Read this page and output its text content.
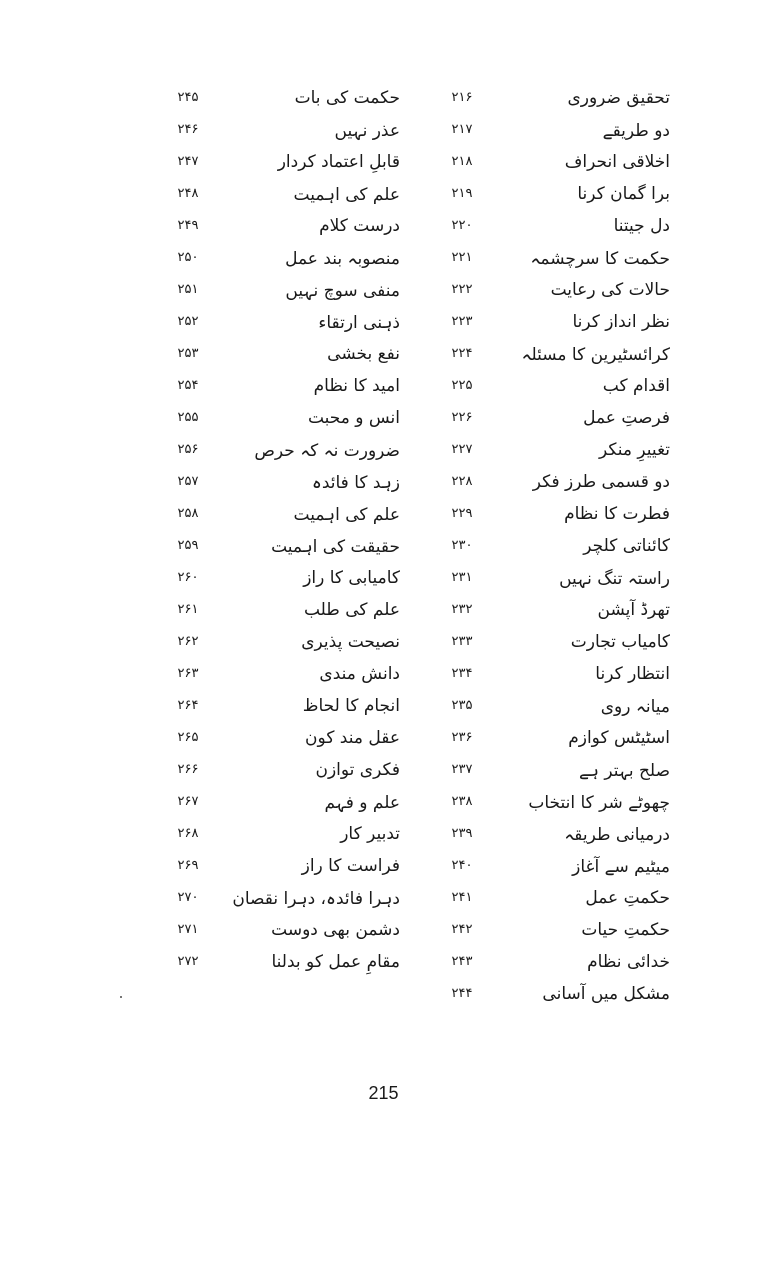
تحقیق ضروری
۲۱۶
دو طریقے
۲۱۷
اخلاقی انحراف
۲۱۸
برا گمان کرنا
۲۱۹
دل جیتنا
۲۲۰
حکمت کا سرچشمہ
۲۲۱
حالات کی رعایت
۲۲۲
نظر انداز کرنا
۲۲۳
کرائسٹیرین کا مسئلہ
۲۲۴
اقدام کب
۲۲۵
فرصتِ عمل
۲۲۶
تغییرِ منکر
۲۲۷
دو قسمی طرز فکر
۲۲۸
فطرت کا نظام
۲۲۹
کائناتی کلچر
۲۳۰
راستہ تنگ نہیں
۲۳۱
تھرڈ آپشن
۲۳۲
کامیاب تجارت
۲۳۳
انتظار کرنا
۲۳۴
میانہ روی
۲۳۵
اسٹیٹس کوازم
۲۳۶
صلح بہتر ہے
۲۳۷
چھوٹے شر کا انتخاب
۲۳۸
درمیانی طریقہ
۲۳۹
میٹیم سے آغاز
۲۴۰
حکمتِ عمل
۲۴۱
حکمتِ حیات
۲۴۲
خدائی نظام
۲۴۳
مشکل میں آسانی
۲۴۴
حکمت کی بات
۲۴۵
عذر نہیں
۲۴۶
قابلِ اعتماد کردار
۲۴۷
علم کی اہمیت
۲۴۸
درست کلام
۲۴۹
منصوبہ بند عمل
۲۵۰
منفی سوچ نہیں
۲۵۱
ذہنی ارتقاء
۲۵۲
نفع بخشی
۲۵۳
امید کا نظام
۲۵۴
انس و محبت
۲۵۵
ضرورت نہ کہ حرص
۲۵۶
زہد کا فائدہ
۲۵۷
علم کی اہمیت
۲۵۸
حقیقت کی اہمیت
۲۵۹
کامیابی کا راز
۲۶۰
علم کی طلب
۲۶۱
نصیحت پذیری
۲۶۲
دانش مندی
۲۶۳
انجام کا لحاظ
۲۶۴
عقل مند کون
۲۶۵
فکری توازن
۲۶۶
علم و فہم
۲۶۷
تدبیر کار
۲۶۸
فراست کا راز
۲۶۹
دہرا فائدہ، دہرا نقصان
۲۷۰
دشمن بھی دوست
۲۷۱
مقامِ عمل کو بدلنا
۲۷۲
215
